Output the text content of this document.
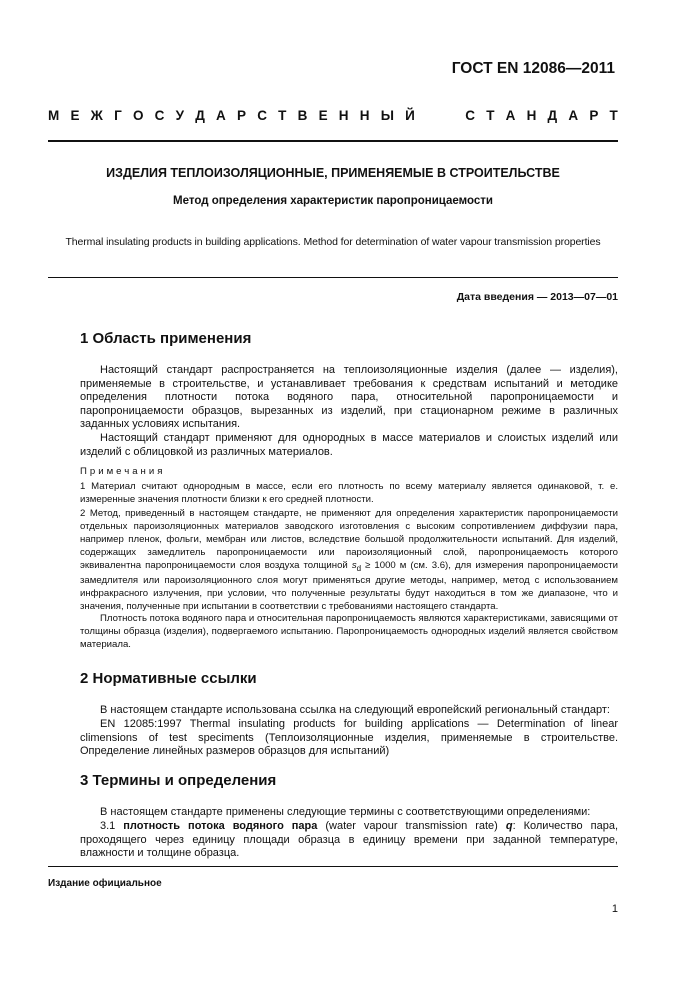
ГОСТ EN 12086—2011
М Е Ж Г О С У Д А Р С Т В Е Н Н Ы Й	С Т А Н Д А Р Т
ИЗДЕЛИЯ ТЕПЛОИЗОЛЯЦИОННЫЕ, ПРИМЕНЯЕМЫЕ В СТРОИТЕЛЬСТВЕ
Метод определения характеристик паропроницаемости
Thermal insulating products in building applications. Method for determination of water vapour transmission properties
Дата введения — 2013—07—01
1 Область применения
Настоящий стандарт распространяется на теплоизоляционные изделия (далее — изделия), применяемые в строительстве, и устанавливает требования к средствам испытаний и методике определения плотности потока водяного пара, относительной паропроницаемости и паропроницаемости образцов, вырезанных из изделий, при стационарном режиме в различных заданных условиях испытания.
Настоящий стандарт применяют для однородных в массе материалов и слоистых изделий или изделий с облицовкой из различных материалов.
Примечания
1 Материал считают однородным в массе, если его плотность по всему материалу является одинаковой, т. е. измеренные значения плотности близки к его средней плотности.
2 Метод, приведенный в настоящем стандарте, не применяют для определения характеристик паропроницаемости отдельных пароизоляционных материалов заводского изготовления с высоким сопротивлением диффузии пара, например пленок, фольги, мембран или листов, вследствие большой продолжительности испытаний. Для изделий, содержащих замедлитель паропроницаемости или пароизоляционный слой, паропроницаемость которого эквивалентна паропроницаемости слоя воздуха толщиной $s_d \ge 1000$ м (см. 3.6), для измерения паропроницаемости замедлителя или пароизоляционного слоя могут применяться другие методы, например, метод с использованием инфракрасного излучения, при условии, что полученные результаты будут находиться в том же диапазоне, что и значения, полученные при испытании в соответствии с требованиями настоящего стандарта.
Плотность потока водяного пара и относительная паропроницаемость являются характеристиками, зависящими от толщины образца (изделия), подвергаемого испытанию. Паропроницаемость однородных изделий является свойством материала.
2 Нормативные ссылки
В настоящем стандарте использована ссылка на следующий европейский региональный стандарт:
EN 12085:1997 Thermal insulating products for building applications — Determination of linear climensions of test speciments (Теплоизоляционные изделия, применяемые в строительстве. Определение линейных размеров образцов для испытаний)
3 Термины и определения
В настоящем стандарте применены следующие термины с соответствующими определениями:
3.1 плотность потока водяного пара (water vapour transmission rate) q: Количество пара, проходящего через единицу площади образца в единицу времени при заданной температуре, влажности и толщине образца.
Издание официальное
1
